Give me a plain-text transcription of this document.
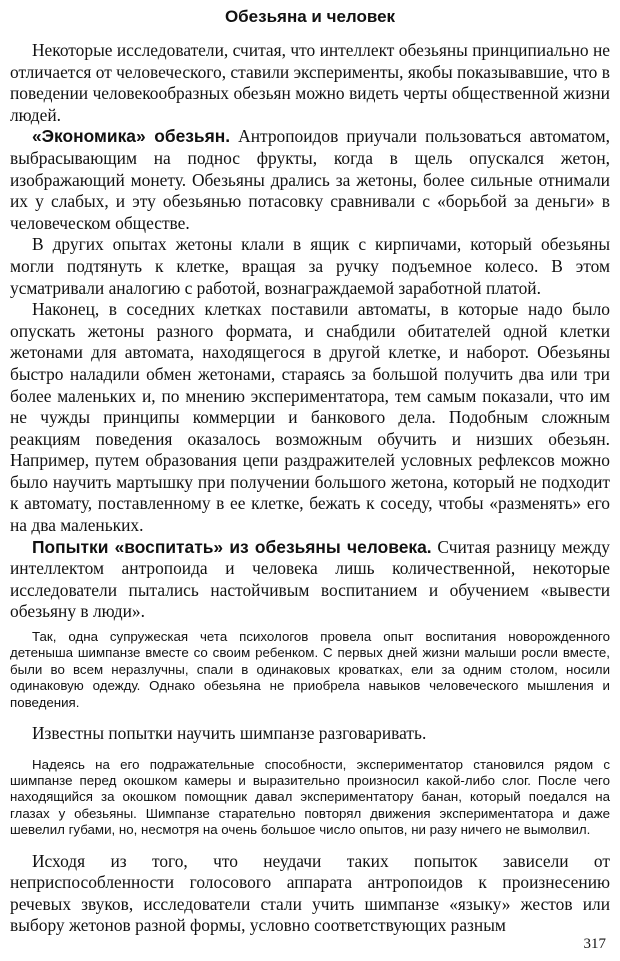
Обезьяна и человек

Некоторые исследователи, считая, что интеллект обезьяны принципиально не отличается от человеческого, ставили эксперименты, якобы показывавшие, что в поведении человекообразных обезьян можно видеть черты общественной жизни людей.

«Экономика» обезьян. Антропоидов приучали пользоваться автоматом, выбрасывающим на поднос фрукты, когда в щель опускался жетон, изображающий монету. Обезьяны дрались за жетоны, более сильные отнимали их у слабых, и эту обезьянью потасовку сравнивали с «борьбой за деньги» в человеческом обществе.

В других опытах жетоны клали в ящик с кирпичами, который обезьяны могли подтянуть к клетке, вращая за ручку подъемное колесо. В этом усматривали аналогию с работой, вознаграждаемой заработной платой.

Наконец, в соседних клетках поставили автоматы, в которые надо было опускать жетоны разного формата, и снабдили обитателей одной клетки жетонами для автомата, находящегося в другой клетке, и наборот. Обезьяны быстро наладили обмен жетонами, стараясь за большой получить два или три более маленьких и, по мнению экспериментатора, тем самым показали, что им не чужды принципы коммерции и банкового дела. Подобным сложным реакциям поведения оказалось возможным обучить и низших обезьян. Например, путем образования цепи раздражителей условных рефлексов можно было научить мартышку при получении большого жетона, который не подходит к автомату, поставленному в ее клетке, бежать к соседу, чтобы «разменять» его на два маленьких.

Попытки «воспитать» из обезьяны человека. Считая разницу между интеллектом антропоида и человека лишь количественной, некоторые исследователи пытались настойчивым воспитанием и обучением «вывести обезьяну в люди».

Так, одна супружеская чета психологов провела опыт воспитания новорожденного детеныша шимпанзе вместе со своим ребенком. С первых дней жизни малыши росли вместе, были во всем неразлучны, спали в одинаковых кроватках, ели за одним столом, носили одинаковую одежду. Однако обезьяна не приобрела навыков человеческого мышления и поведения.

Известны попытки научить шимпанзе разговаривать.

Надеясь на его подражательные способности, экспериментатор становился рядом с шимпанзе перед окошком камеры и выразительно произносил какой-либо слог. После чего находящийся за окошком помощник давал экспериментатору банан, который поедался на глазах у обезьяны. Шимпанзе старательно повторял движения экспериментатора и даже шевелил губами, но, несмотря на очень большое число опытов, ни разу ничего не вымолвил.

Исходя из того, что неудачи таких попыток зависели от неприспособленности голосового аппарата антропоидов к произнесению речевых звуков, исследователи стали учить шимпанзе «языку» жестов или выбору жетонов разной формы, условно соответствующих разным

317
